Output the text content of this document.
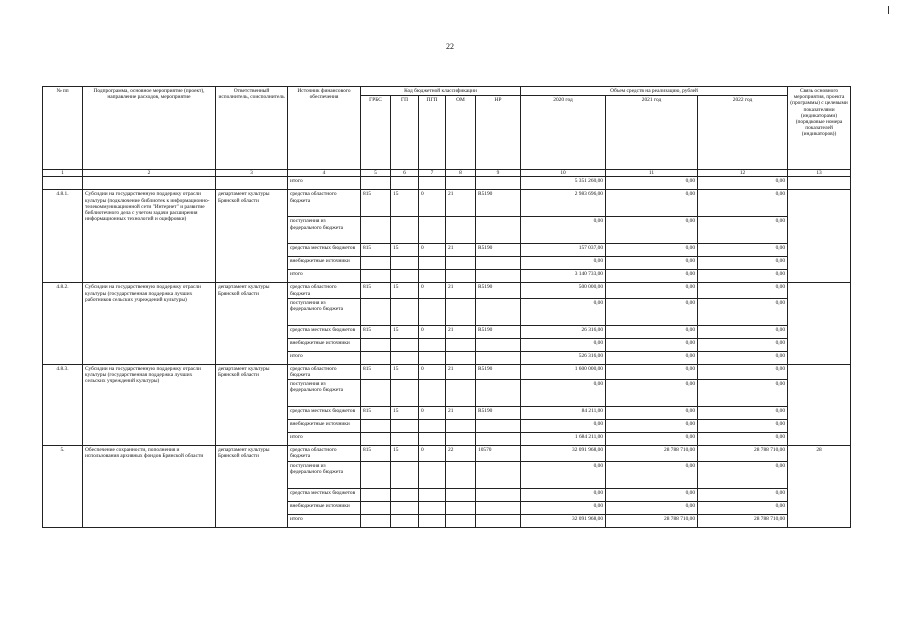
22
№ пп	Подпрограмма, основное мероприятие (проект), направление расходов, мероприятие	Ответственный исполнитель, соисполнитель	Источник финансового обеспечения	Код бюджетной классификации					Объем средств на реализацию, рублей			Связь основного мероприятия, проекта (программы) с целевыми показателями (индикаторами) (порядковые номера показателей (индикаторов))
				ГРБС	ГП	ПГП	ОМ	НР	2020 год	2021 год	2022 год	
1	2	3	4	5	6	7	8	9	10	11	12	13
			итого						5 351 260,00	0,00	0,00	
4.8.1.	Субсидии на государственную поддержку отрасли культуры (подключение библиотек к информационно-телекоммуникационной сети "Интернет" и развитие библиотечного дела с учетом задачи расширения информационных технологий и оцифровки)	департамент культуры Брянской области	средства областного бюджета	815	15	0	21	R5190	2 983 696,00	0,00	0,00	
			поступления из федерального бюджета						0,00	0,00	0,00	
			средства местных бюджетов	815	15	0	21	R5190	157 037,00	0,00	0,00	
			внебюджетные источники						0,00	0,00	0,00	
			итого						3 140 733,00	0,00	0,00	
4.8.2.	Субсидии на государственную поддержку отрасли культуры (государственная поддержка лучших работников сельских учреждений культуры)	департамент культуры Брянской области	средства областного бюджета	815	15	0	21	R5190	500 000,00	0,00	0,00	
			поступления из федерального бюджета						0,00	0,00	0,00	
			средства местных бюджетов	815	15	0	21	R5190	26 316,00	0,00	0,00	
			внебюджетные источники						0,00	0,00	0,00	
			итого						526 316,00	0,00	0,00	
4.8.3.	Субсидии на государственную поддержку отрасли культуры (государственная поддержка лучших сельских учреждений культуры)	департамент культуры Брянской области	средства областного бюджета	815	15	0	21	R5190	1 600 000,00	0,00	0,00	
			поступления из федерального бюджета						0,00	0,00	0,00	
			средства местных бюджетов	815	15	0	21	R5190	84 211,00	0,00	0,00	
			внебюджетные источники						0,00	0,00	0,00	
			итого						1 684 211,00	0,00	0,00	
5.	Обеспечение сохранности, пополнения и использования архивных фондов Брянской области	департамент культуры Брянской области	средства областного бюджета	815	15	0	22	10570	32 091 968,00	28 788 710,00	28 788 710,00	28
			поступления из федерального бюджета						0,00	0,00	0,00	
			средства местных бюджетов						0,00	0,00	0,00	
			внебюджетные источники						0,00	0,00	0,00	
			итого						32 091 968,00	28 788 710,00	28 788 710,00	
